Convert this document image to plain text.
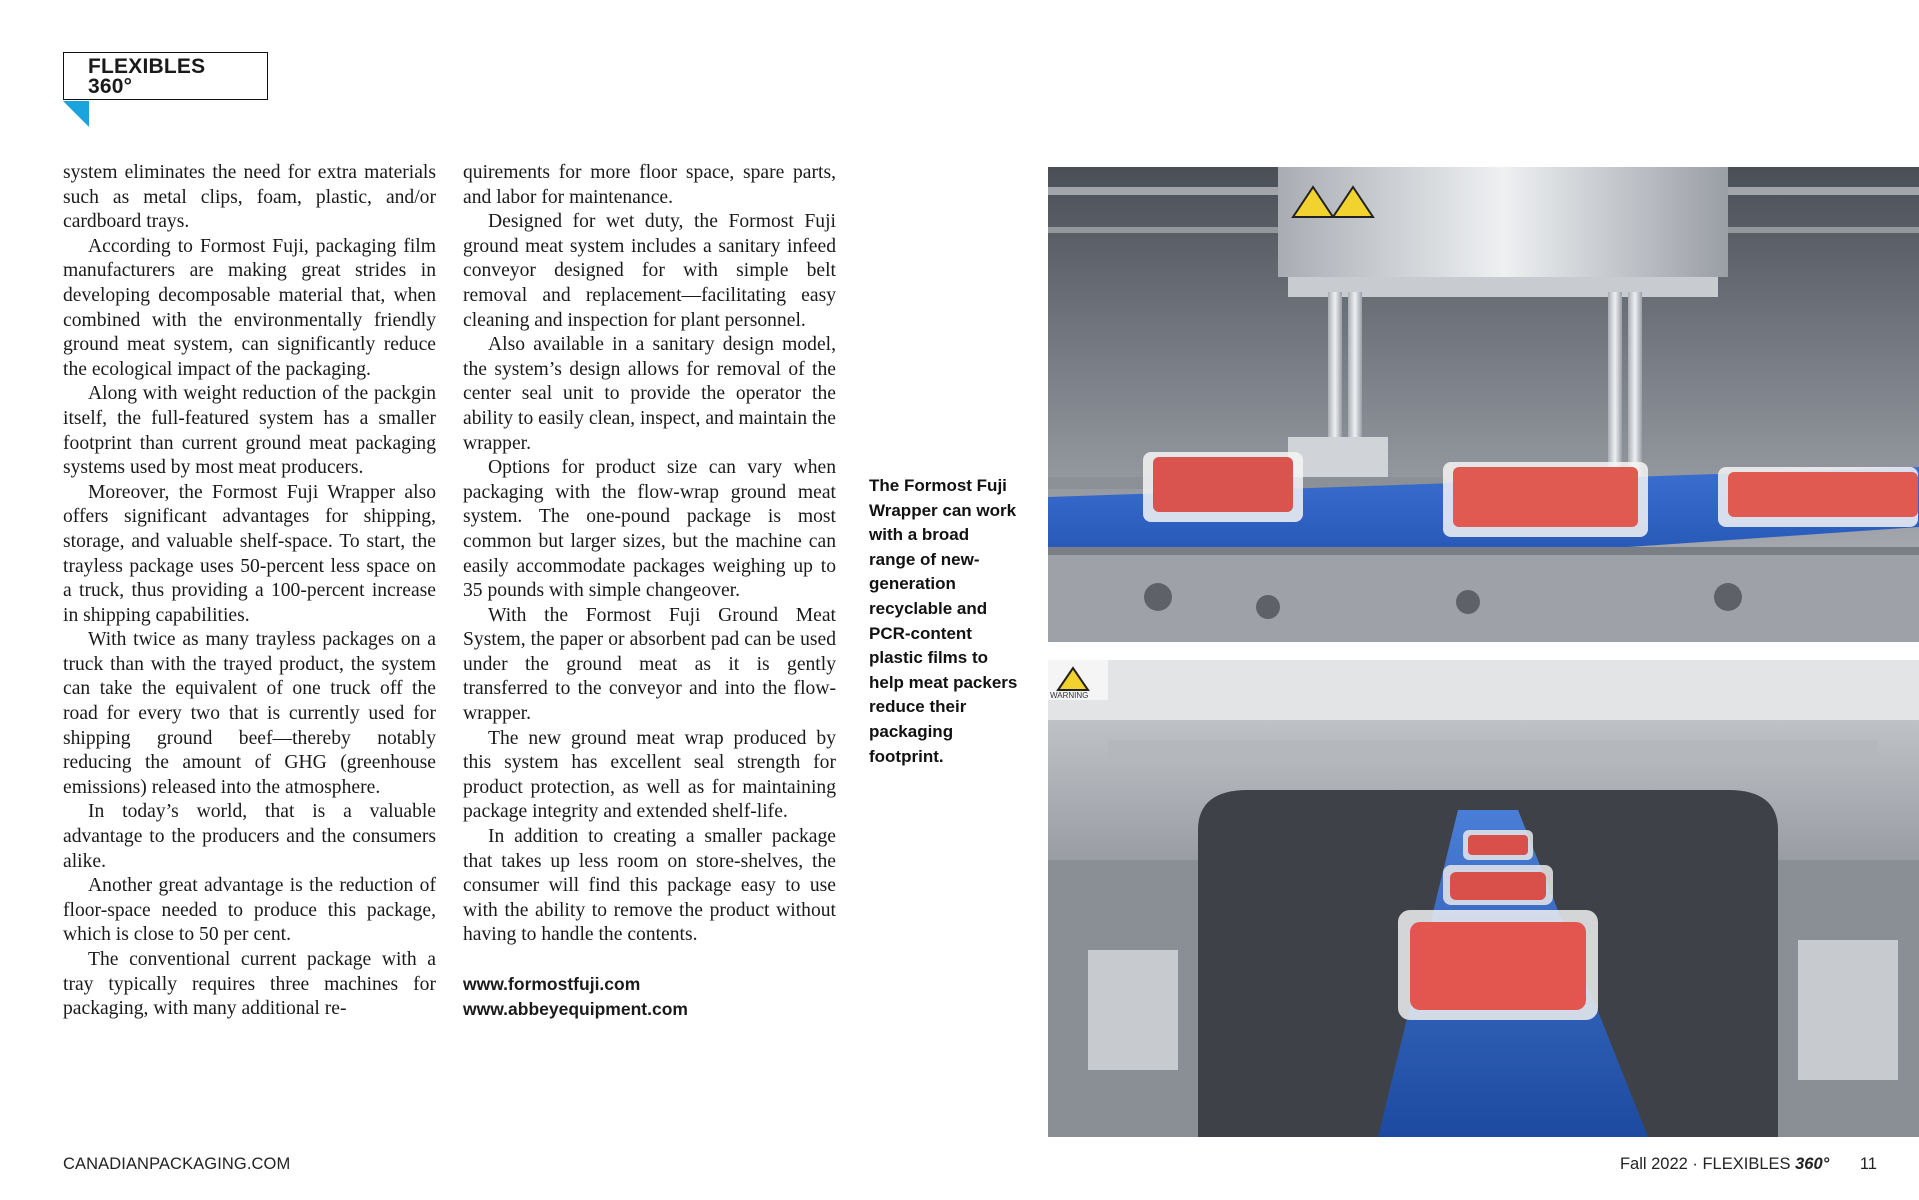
FLEXIBLES
360°

system eliminates the need for extra materials such as metal clips, foam, plastic, and/or cardboard trays.

According to Formost Fuji, packaging film manufacturers are making great strides in developing decomposable material that, when combined with the environmentally friendly ground meat system, can significantly reduce the ecological impact of the packaging.

Along with weight reduction of the packgin itself, the full-featured system has a smaller footprint than current ground meat packaging systems used by most meat producers.

Moreover, the Formost Fuji Wrapper also offers significant advantages for shipping, storage, and valuable shelf-space. To start, the trayless package uses 50-percent less space on a truck, thus providing a 100-percent increase in shipping capabilities.

With twice as many trayless packages on a truck than with the trayed product, the system can take the equivalent of one truck off the road for every two that is currently used for shipping ground beef—thereby notably reducing the amount of GHG (greenhouse emissions) released into the atmosphere.

In today’s world, that is a valuable advantage to the producers and the consumers alike.

Another great advantage is the reduction of floor-space needed to produce this package, which is close to 50 per cent.

The conventional current package with a tray typically requires three machines for packaging, with many additional re-

quirements for more floor space, spare parts, and labor for maintenance.

Designed for wet duty, the Formost Fuji ground meat system includes a sanitary infeed conveyor designed for with simple belt removal and replacement—facilitating easy cleaning and inspection for plant personnel.

Also available in a sanitary design model, the system’s design allows for removal of the center seal unit to provide the operator the ability to easily clean, inspect, and maintain the wrapper.

Options for product size can vary when packaging with the flow-wrap ground meat system. The one-pound package is most common but larger sizes, but the machine can easily accommodate packages weighing up to 35 pounds with simple changeover.

With the Formost Fuji Ground Meat System, the paper or absorbent pad can be used under the ground meat as it is gently transferred to the conveyor and into the flow-wrapper.

The new ground meat wrap produced by this system has excellent seal strength for product protection, as well as for maintaining package integrity and extended shelf-life.

In addition to creating a smaller package that takes up less room on store-shelves, the consumer will find this package easy to use with the ability to remove the product without having to handle the contents.

www.formostfuji.com
www.abbeyequipment.com
The Formost Fuji Wrapper can work with a broad range of new-generation recyclable and PCR-content plastic films to help meat packers reduce their packaging footprint.
WARNING
CANADIANPACKAGING.COM	Fall 2022 · FLEXIBLES 360° 11
